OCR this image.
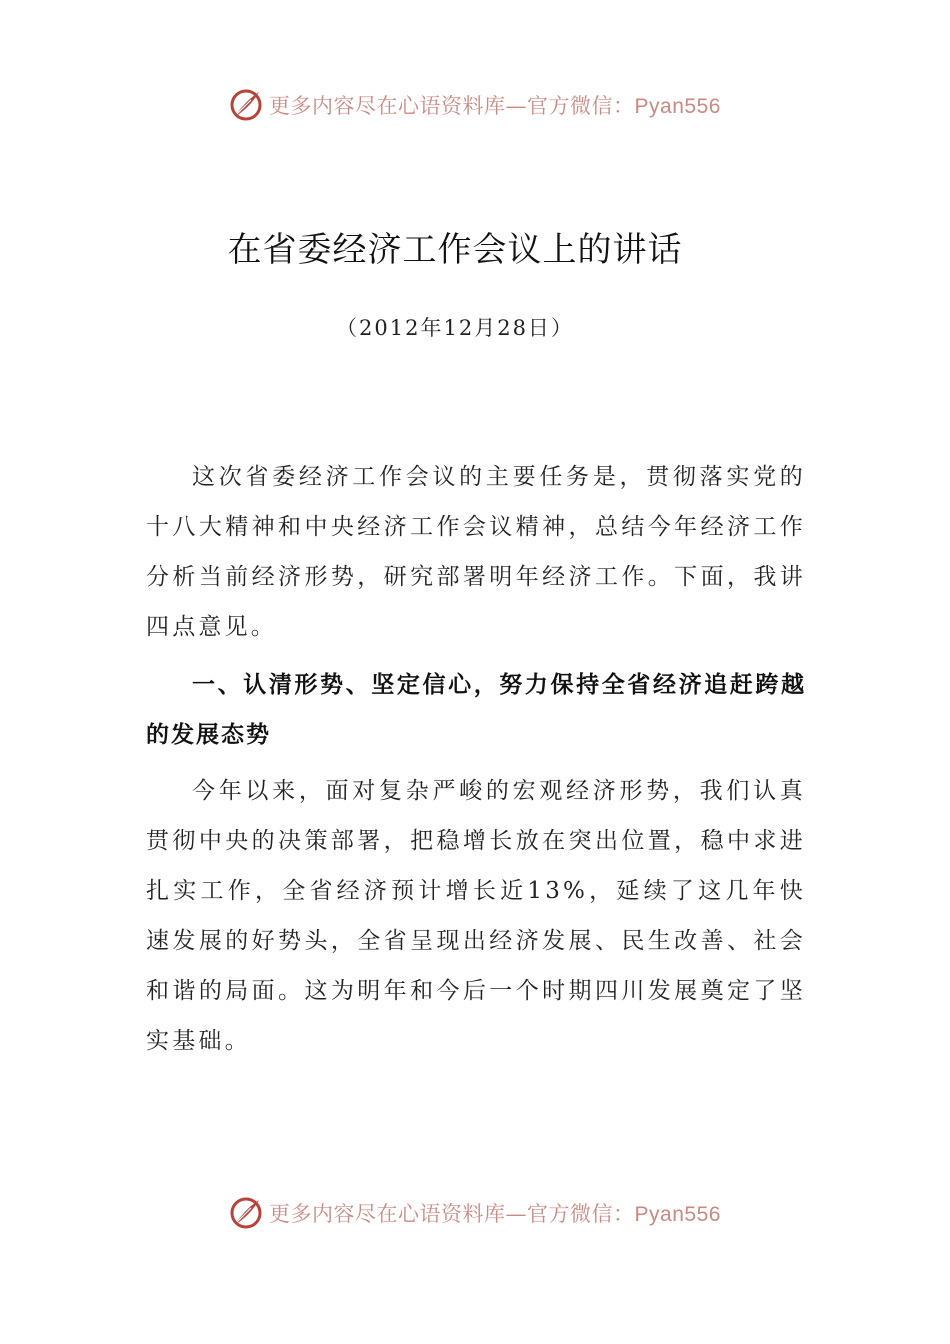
更多内容尽在心语资料库—官方微信：Pyan556
在省委经济工作会议上的讲话
（2012年12月28日）

这次省委经济工作会议的主要任务是，贯彻落实党的十八大精神和中央经济工作会议精神，总结今年经济工作分析当前经济形势，研究部署明年经济工作。下面，我讲四点意见。

一、认清形势、坚定信心，努力保持全省经济追赶跨越的发展态势

今年以来，面对复杂严峻的宏观经济形势，我们认真贯彻中央的决策部署，把稳增长放在突出位置，稳中求进扎实工作，全省经济预计增长近13%，延续了这几年快速发展的好势头，全省呈现出经济发展、民生改善、社会和谐的局面。这为明年和今后一个时期四川发展奠定了坚实基础。

更多内容尽在心语资料库—官方微信：Pyan556
